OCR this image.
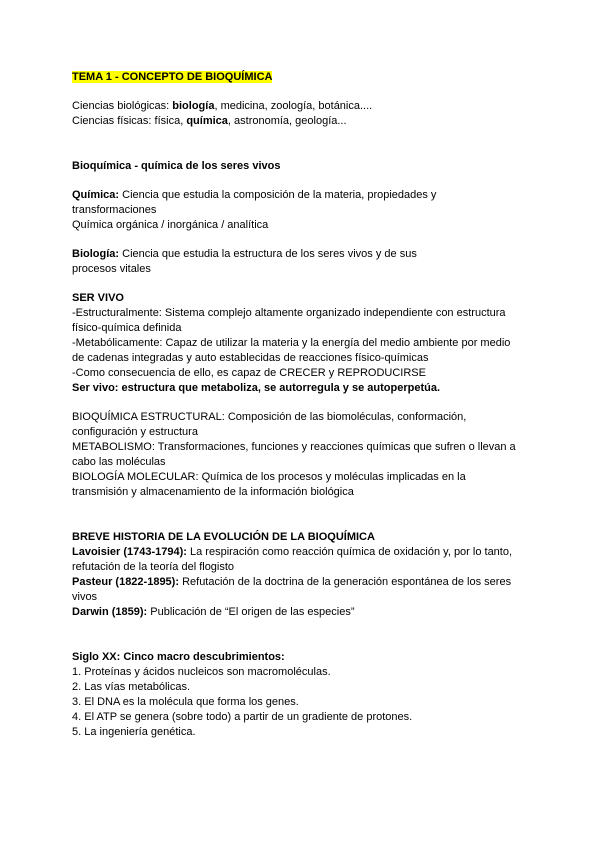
TEMA 1 - CONCEPTO DE BIOQUÍMICA
Ciencias biológicas: biología, medicina, zoología, botánica....
Ciencias físicas: física, química, astronomía, geología...
Bioquímica - química de los seres vivos
Química: Ciencia que estudia la composición de la materia, propiedades y
transformaciones
Química orgánica / inorgánica / analítica
Biología: Ciencia que estudia la estructura de los seres vivos y de sus
procesos vitales
SER VIVO
-Estructuralmente: Sistema complejo altamente organizado independiente con estructura
físico-química definida
-Metabólicamente: Capaz de utilizar la materia y la energía del medio ambiente por medio
de cadenas integradas y auto establecidas de reacciones físico-químicas
-Como consecuencia de ello, es capaz de CRECER y REPRODUCIRSE
Ser vivo: estructura que metaboliza, se autorregula y se autoperpetúa.
BIOQUÍMICA ESTRUCTURAL: Composición de las biomoléculas, conformación,
configuración y estructura
METABOLISMO: Transformaciones, funciones y reacciones químicas que sufren o llevan a
cabo las moléculas
BIOLOGÍA MOLECULAR: Química de los procesos y moléculas implicadas en la
transmisión y almacenamiento de la información biológica
BREVE HISTORIA DE LA EVOLUCIÓN DE LA BIOQUÍMICA
Lavoisier (1743-1794): La respiración como reacción química de oxidación y, por lo tanto,
refutación de la teoría del flogisto
Pasteur (1822-1895): Refutación de la doctrina de la generación espontánea de los seres
vivos
Darwin (1859): Publicación de “El origen de las especies”
Siglo XX: Cinco macro descubrimientos:
1. Proteínas y ácidos nucleicos son macromoléculas.
2. Las vías metabólicas.
3. El DNA es la molécula que forma los genes.
4. El ATP se genera (sobre todo) a partir de un gradiente de protones.
5. La ingeniería genética.
